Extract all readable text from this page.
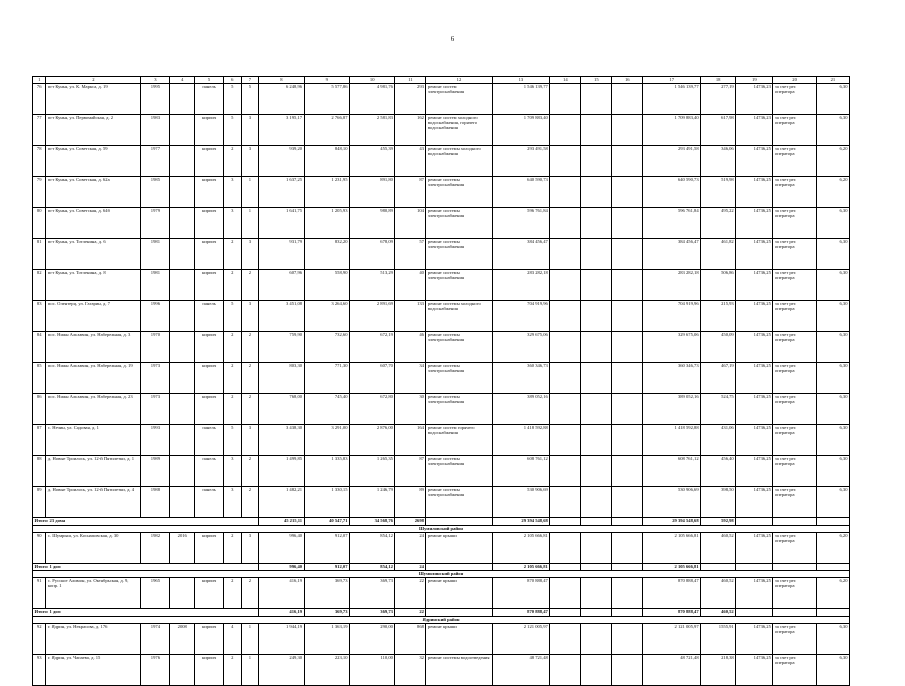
6
1	2	3	4	5	6	7	8	9	10	11	12	13	14	15	16	17	18	19	20	21
76	пгт Кунья, ул. К. Маркса, д. 19	1995		панель	5	5	6 248,96	5 577,86	4 981,76	293	ремонт систем электроснабжения	1 546 139,77				1 546 139,77	277,19	14736,23	за счет рег. оператора	6,30
77	пгт Кунья, ул. Первомайская, д. 2	1983		кирпич	5	3	3 195,17	2 766,87	2 581,83	162	ремонт систем холодного водоснабжения, горячего водоснабжения	1 709 883,40				1 709 883,40	617,98	14736,23	за счет рег. оператора	6,30
78	пгт Кунья, ул. Советская, д. 59	1977		кирпич	2	3	939,20	848,10	455,39	43	ремонт системы холодного водоснабжения	293 491,58				293 491,58	346,06	14736,25	за счет рег. оператора	6,20
79	пгт Кунья, ул. Советская, д. 62а	1985		кирпич	3	1	1 637,25	1 231,95	891,80	87	ремонт системы электроснабжения	640 590,73				640 590,73	519,98	14736,25	за счет рег. оператора	6,20
80	пгт Кунья, ул. Советская, д. 64б	1979		кирпич	3	1	1 641,75	1 205,93	980,89	104	ремонт системы электроснабжения	596 761,84				596 761,84	495,22	14736,25	за счет рег. оператора	6,30
81	пгт Кунья, ул. Тотленина, д. 6	1981		кирпич	2	3	931,79	832,20	678,09	57	ремонт системы электроснабжения	384 456,47				384 456,47	461,82	14736,25	за счет рег. оператора	6,30
82	пгт Кунья, ул. Тотленина, д. 8	1981		кирпич	2	2	607,96	558,90	513,29	40	ремонт системы электроснабжения	283 282,18				283 282,18	506,86	14736,25	за счет рег. оператора	6,30
83	пос. Олентерц, ул. Гагарин, д. 7	1996		панель	5	3	3 451,08	3 264,60	2 891,69	133	ремонт системы холодного водоснабжения	704 919,96				704 919,96	215,93	14736,25	за счет рег. оператора	6,30
84	пос. Нижн Альзавин, ул. Набережная, д. 3	1970		кирпич	2	2	759,90	732,60	672,19	46	ремонт системы электроснабжения	329 675,06				329 675,06	450,09	14736,25	за счет рег. оператора	6,30
85	пос. Нижн Альзавин, ул. Набережная, д. 19	1973		кирпич	2	2	803,30	771,30	607,70	34	ремонт системы электроснабжения	360 346,73				360 346,73	467,19	14736,25	за счет рег. оператора	6,30
86	пос. Нижн Альзавин, ул. Набережная, д. 23	1973		кирпич	2	2	768,00	745,40	672,80	30	ремонт системы электроснабжения	389 052,16				389 052,16	524,75	14736,25	за счет рег. оператора	6,30
87	с. Нечин, ул. Садовая, д. 1	1993		панель	5	3	3 438,30	3 291,00	2 876,00	164	ремонт систем горячего водоснабжения	1 418 592,88				1 418 592,88	431,06	14736,25	за счет рег. оператора	6,30
88	д. Новые Троилось, ул. 12-й Пятилетки, д. 1	1989		панель	3	2	1 499,85	1 335,83	1 265,35	87	ремонт системы электроснабжения	608 761,12				608 761,12	456,40	14736,25	за счет рег. оператора	6,30
89	д. Новые Троилось, ул. 12-й Пятилетки, д. 4	1988		панель	3	2	1 482,21	1 330,15	1 246,79	89	ремонт системы электроснабжения	530 906,69				530 906,69	398,50	14736,25	за счет рег. оператора	6,30
Итого: 23 дома							45 215,11	40 547,71	34 568,76	2698		29 394 548,68				29 394 548,68	592,98			
Шумиловский район																				
90	с. Шумрыш, ул. Коснаповская, д. 30	1982	2016	кирпич	2	3	996,40	912,07	854,12	24	ремонт крыши	2 105 666,81				2 105 666,81	460,52	14736,25	за счет рег. оператора	6,20
Итого: 1 дом							996,40	912,07	854,12	24		2 105 666,81				2 105 666,81				
Шумилинский район																				
91	с. Русское Алимон, ул. Октябрьская, д. 9, копр. 1	1965		кирпич	2	2	416,19	369,73	369,73	22	ремонт крыши	870 888,47				870 888,47	460,52	14736,25	за счет рег. оператора	6,20
Итого: 1 дом							416,19	369,73	369,73	22		870 888,47				870 888,47	460,52			
Ядринский район																				
92	г. Ядрин, ул. Некрасова, д. 176	1974	2008	кирпич	4	1	1 944,19	1 363,19	290,00	868	ремонт крыши	2 121 005,97				2 121 005,97	1555,91	14736,25	за счет рег. оператора	6,30
93	г. Ядрин, ул. Чапаева, д. 15	1976		кирпич	2	1	249,30	223,10	110,00	32	ремонт системы водоотведения	48 721,48				48 721,48	218,38	14736,25	за счет рег. оператора	6,30
